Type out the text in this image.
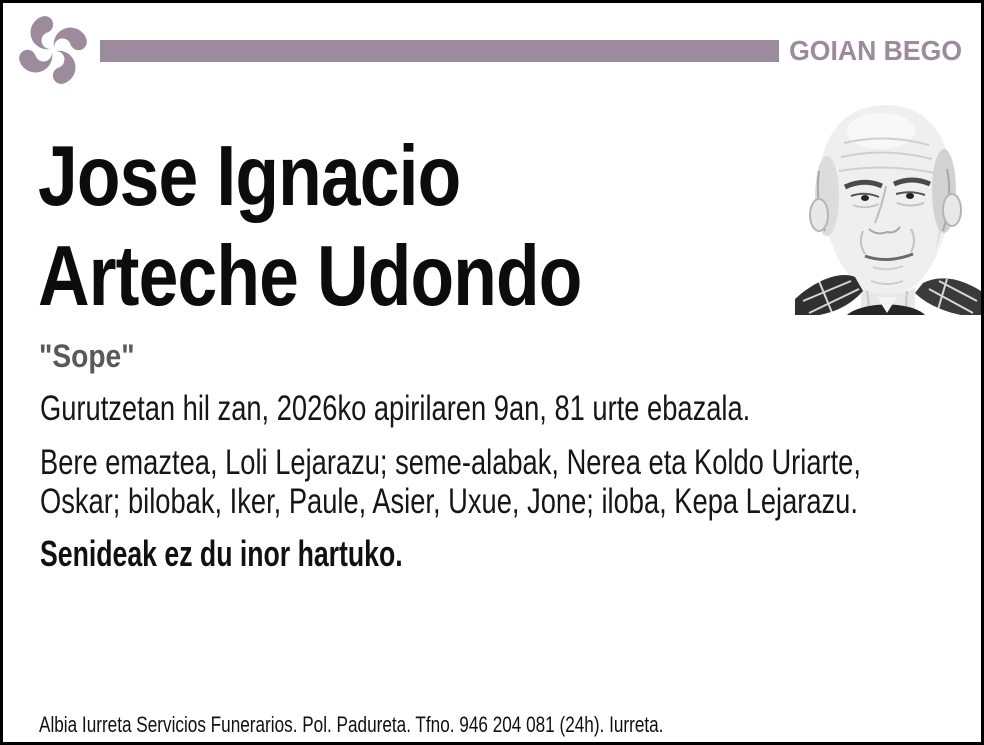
GOIAN BEGO
Jose Ignacio
Arteche Udondo
"Sope"
Gurutzetan hil zan, 2026ko apirilaren 9an, 81 urte ebazala.
Bere emaztea, Loli Lejarazu; seme-alabak, Nerea eta Koldo Uriarte,
Oskar; bilobak, Iker, Paule, Asier, Uxue, Jone; iloba, Kepa Lejarazu.
Senideak ez du inor hartuko.
Albia Iurreta Servicios Funerarios. Pol. Padureta. Tfno. 946 204 081 (24h). Iurreta.
